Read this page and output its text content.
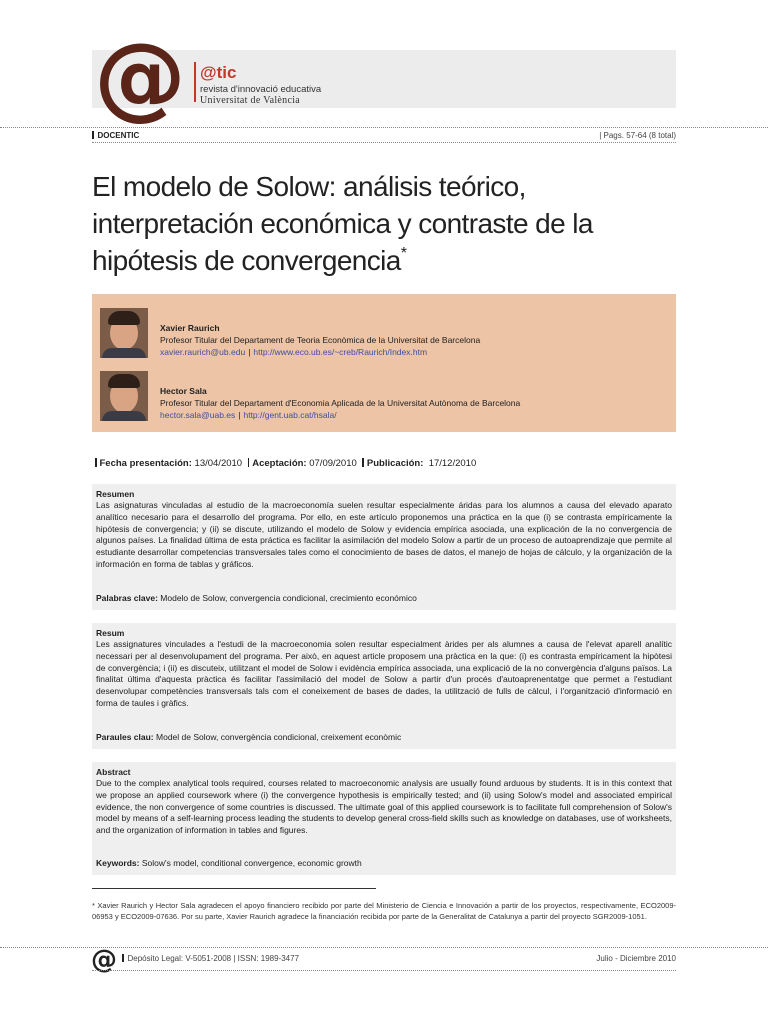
@ @tic
revista d'innovació educativa
Universitat de València
DOCENTIC	| Pags. 57-64 (8 total)
El modelo de Solow: análisis teórico, interpretación económica y contraste de la hipótesis de convergencia*
Xavier Raurich
Profesor Titular del Departament de Teoria Econòmica de la Universitat de Barcelona
xavier.raurich@ub.edu | http://www.eco.ub.es/~creb/Raurich/Index.htm
Hector Sala
Profesor Titular del Departament d'Economia Aplicada de la Universitat Autònoma de Barcelona
hector.sala@uab.es | http://gent.uab.cat/hsala/
Fecha presentación: 13/04/2010 Aceptación: 07/09/2010 Publicación: 17/12/2010
Resumen

Las asignaturas vinculadas al estudio de la macroeconomía suelen resultar especialmente áridas para los alumnos a causa del elevado aparato analítico necesario para el desarrollo del programa. Por ello, en este artículo proponemos una práctica en la que (i) se contrasta empíricamente la hipótesis de convergencia; y (ii) se discute, utilizando el modelo de Solow y evidencia empírica asociada, una explicación de la no convergencia de algunos países. La finalidad última de esta práctica es facilitar la asimilación del modelo Solow a partir de un proceso de autoaprendizaje que permite al estudiante desarrollar competencias transversales tales como el conocimiento de bases de datos, el manejo de hojas de cálculo, y la organización de la información en forma de tablas y gráficos.

Palabras clave: Modelo de Solow, convergencia condicional, crecimiento económico
Resum

Les assignatures vinculades a l'estudi de la macroeconomia solen resultar especialment àrides per als alumnes a causa de l'elevat aparell analític necessari per al desenvolupament del programa. Per això, en aquest article proposem una pràctica en la que: (i) es contrasta empíricament la hipòtesi de convergència; i (ii) es discuteix, utilitzant el model de Solow i evidència empírica associada, una explicació de la no convergència d'alguns països. La finalitat última d'aquesta pràctica és facilitar l'assimilació del model de Solow a partir d'un procés d'autoaprenentatge que permet a l'estudiant desenvolupar competències transversals tals com el coneixement de bases de dades, la utilització de fulls de càlcul, i l'organització d'informació en forma de taules i gràfics.

Paraules clau: Model de Solow, convergència condicional, creixement econòmic
Abstract

Due to the complex analytical tools required, courses related to macroeconomic analysis are usually found arduous by students. It is in this context that we propose an applied coursework where (i) the convergence hypothesis is empirically tested; and (ii) using Solow's model and associated empirical evidence, the non convergence of some countries is discussed. The ultimate goal of this applied coursework is to facilitate full comprehension of Solow's model by means of a self-learning process leading the students to develop general cross-field skills such as knowledge on databases, use of worksheets, and the organization of information in tables and figures.

Keywords: Solow's model, conditional convergence, economic growth

* Xavier Raurich y Hector Sala agradecen el apoyo financiero recibido por parte del Ministerio de Ciencia e Innovación a partir de los proyectos, respectivamente, ECO2009-06953 y ECO2009-07636. Por su parte, Xavier Raurich agradece la financiación recibida por parte de la Generalitat de Catalunya a partir del proyecto SGR2009-1051.

@	Depósito Legal: V-5051-2008 | ISSN: 1989-3477	Julio - Diciembre 2010
